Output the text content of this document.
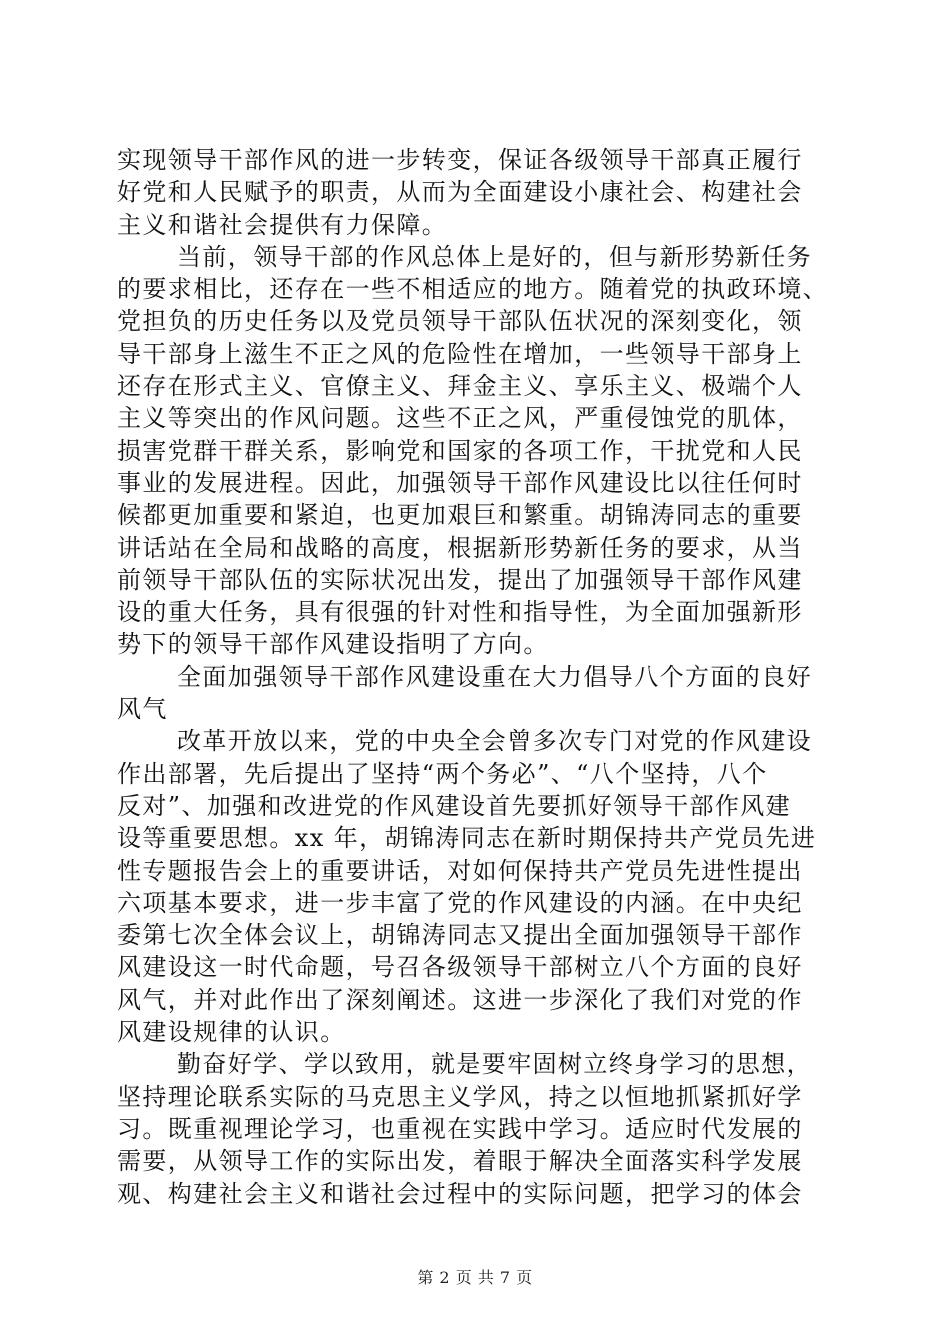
实现领导干部作风的进一步转变，保证各级领导干部真正履行
好党和人民赋予的职责，从而为全面建设小康社会、构建社会
主义和谐社会提供有力保障。
当前，领导干部的作风总体上是好的，但与新形势新任务
的要求相比，还存在一些不相适应的地方。随着党的执政环境、
党担负的历史任务以及党员领导干部队伍状况的深刻变化，领
导干部身上滋生不正之风的危险性在增加，一些领导干部身上
还存在形式主义、官僚主义、拜金主义、享乐主义、极端个人
主义等突出的作风问题。这些不正之风，严重侵蚀党的肌体，
损害党群干群关系，影响党和国家的各项工作，干扰党和人民
事业的发展进程。因此，加强领导干部作风建设比以往任何时
候都更加重要和紧迫，也更加艰巨和繁重。胡锦涛同志的重要
讲话站在全局和战略的高度，根据新形势新任务的要求，从当
前领导干部队伍的实际状况出发，提出了加强领导干部作风建
设的重大任务，具有很强的针对性和指导性，为全面加强新形
势下的领导干部作风建设指明了方向。
全面加强领导干部作风建设重在大力倡导八个方面的良好
风气
改革开放以来，党的中央全会曾多次专门对党的作风建设
作出部署，先后提出了坚持“两个务必”、“八个坚持，八个
反对”、加强和改进党的作风建设首先要抓好领导干部作风建
设等重要思想。xx 年，胡锦涛同志在新时期保持共产党员先进
性专题报告会上的重要讲话，对如何保持共产党员先进性提出
六项基本要求，进一步丰富了党的作风建设的内涵。在中央纪
委第七次全体会议上，胡锦涛同志又提出全面加强领导干部作
风建设这一时代命题，号召各级领导干部树立八个方面的良好
风气，并对此作出了深刻阐述。这进一步深化了我们对党的作
风建设规律的认识。
勤奋好学、学以致用，就是要牢固树立终身学习的思想，
坚持理论联系实际的马克思主义学风，持之以恒地抓紧抓好学
习。既重视理论学习，也重视在实践中学习。适应时代发展的
需要，从领导工作的实际出发，着眼于解决全面落实科学发展
观、构建社会主义和谐社会过程中的实际问题，把学习的体会
第 2 页 共 7 页
